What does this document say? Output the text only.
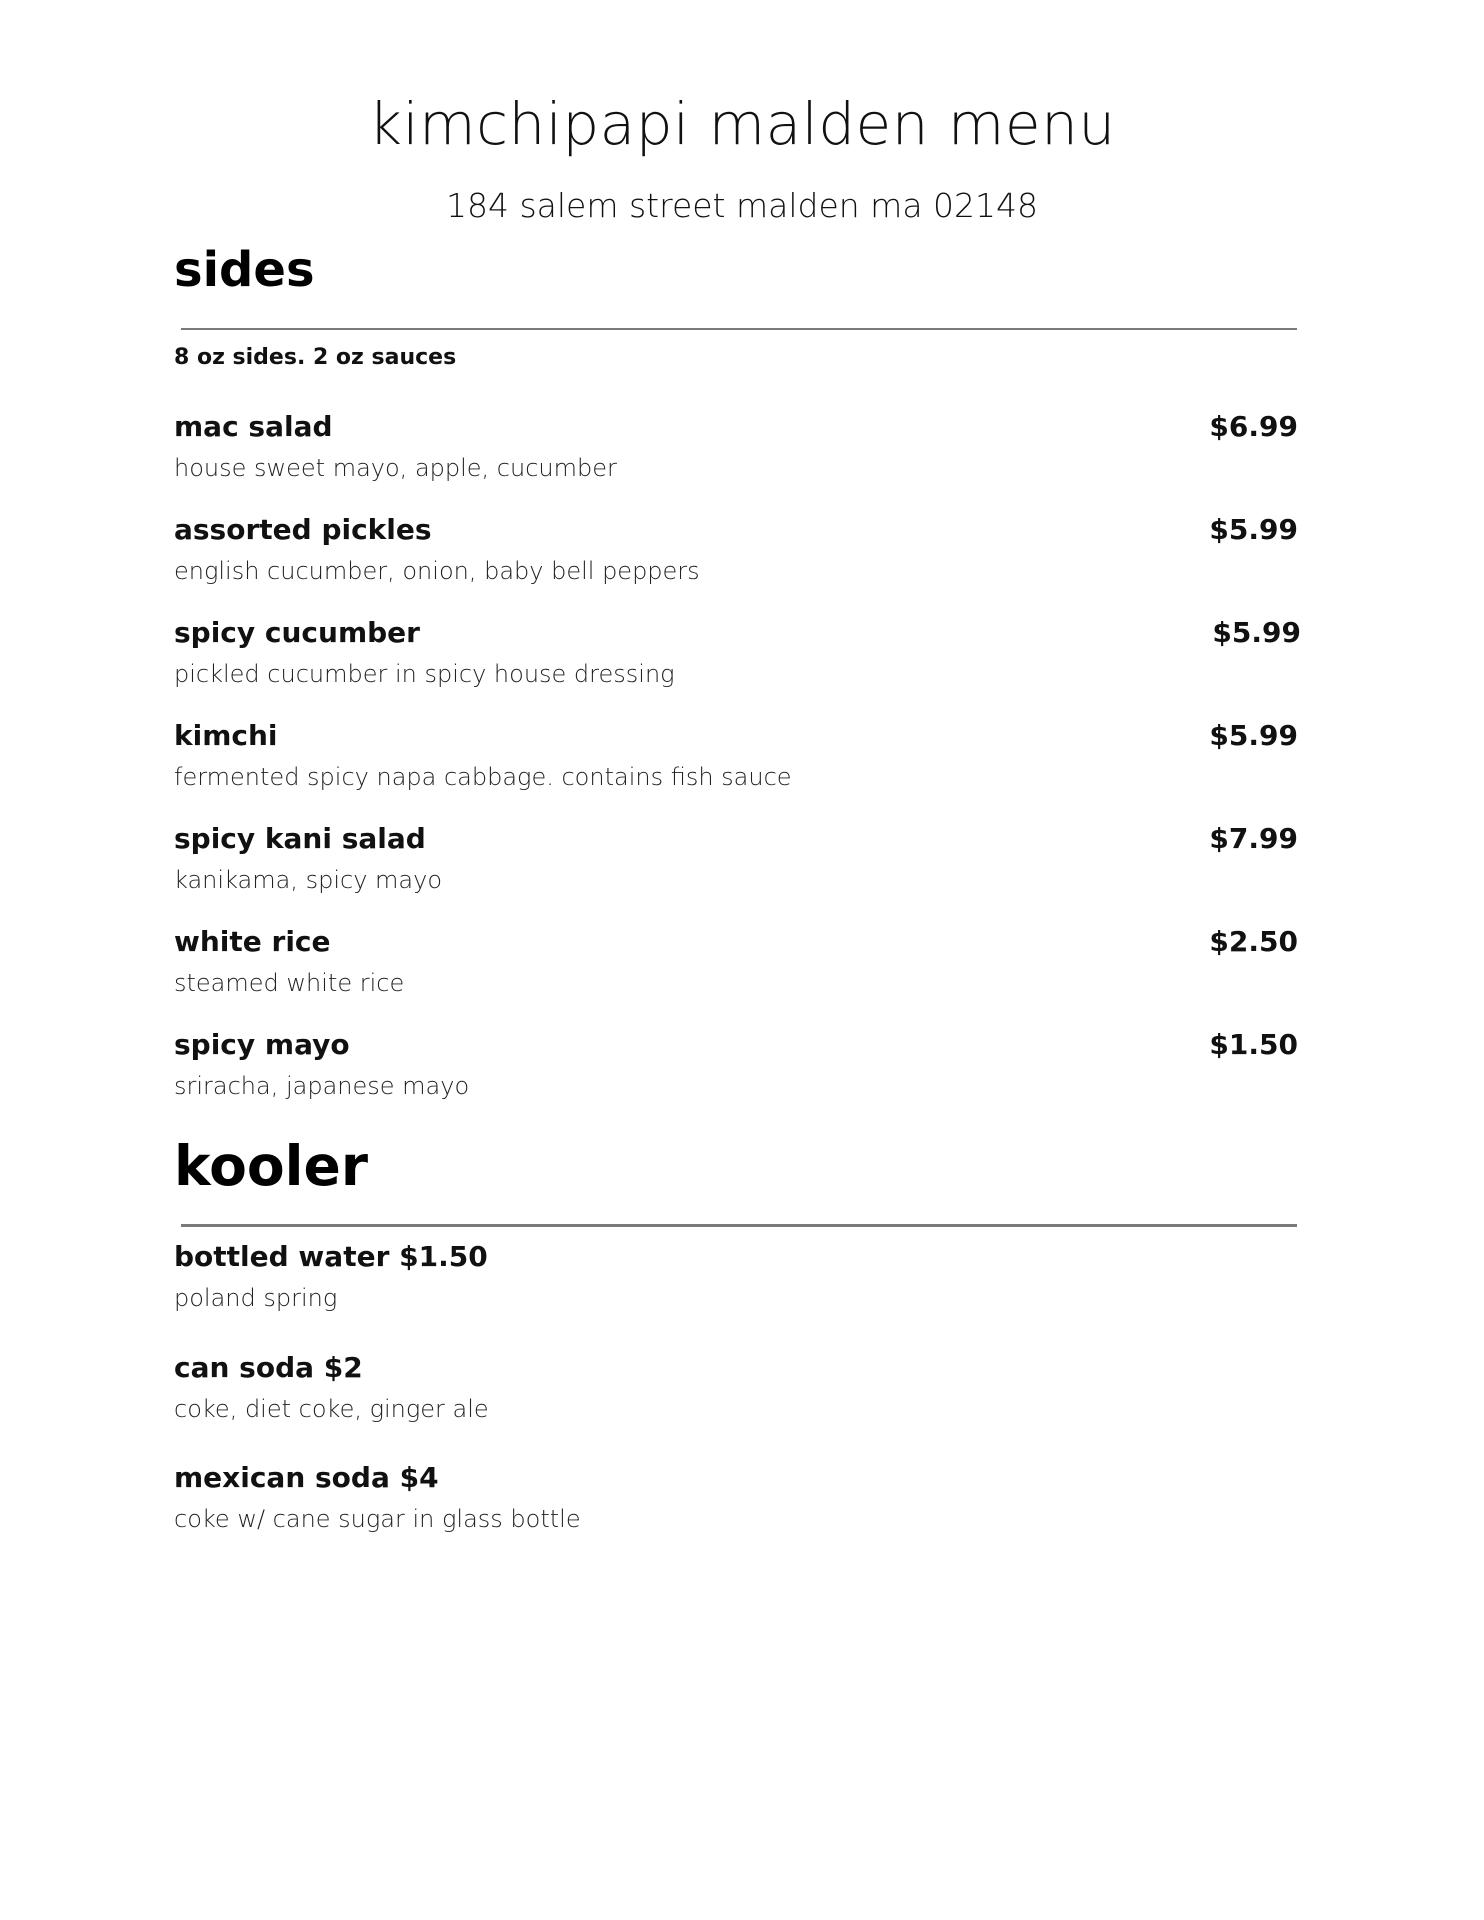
kimchipapi malden menu
184 salem street malden ma 02148
sides
8 oz sides. 2 oz sauces
mac salad	$6.99
house sweet mayo, apple, cucumber
assorted pickles	$5.99
english cucumber, onion, baby bell peppers
spicy cucumber	$5.99
pickled cucumber in spicy house dressing
kimchi	$5.99
fermented spicy napa cabbage. contains fish sauce
spicy kani salad	$7.99
kanikama, spicy mayo
white rice	$2.50
steamed white rice
spicy mayo	$1.50
sriracha, japanese mayo
kooler
bottled water $1.50
poland spring
can soda $2
coke, diet coke, ginger ale
mexican soda $4
coke w/ cane sugar in glass bottle
